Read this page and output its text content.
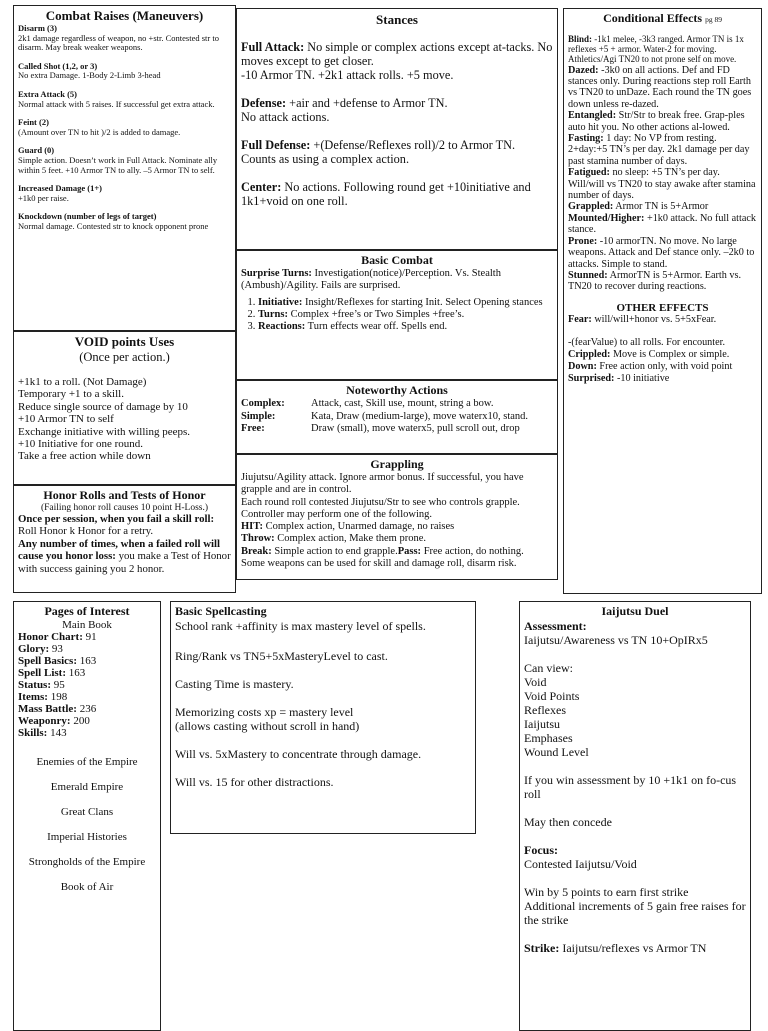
Combat Raises (Maneuvers)
Disarm (3)
2k1 damage regardless of weapon, no +str. Contested str to disarm. May break weaker weapons.
Called Shot (1,2, or 3)
No extra Damage. 1-Body 2-Limb 3-head
Extra Attack (5)
Normal attack with 5 raises. If successful get extra attack.
Feint (2)
(Amount over TN to hit )/2 is added to damage.
Guard (0)
Simple action. Doesn’t work in Full Attack. Nominate ally within 5 feet. +10 Armor TN to ally. –5 Armor TN to self.
Increased Damage (1+)
+1k0 per raise.
Knockdown (number of legs of target)
Normal damage. Contested str to knock opponent prone
VOID points Uses
(Once per action.)
+1k1 to a roll. (Not Damage)
Temporary +1 to a skill.
Reduce single source of damage by 10
+10 Armor TN to self
Exchange initiative with willing peeps.
+10 Initiative for one round.
Take a free action while down
Honor Rolls and Tests of Honor
(Failing honor roll causes 10 point H-Loss.)
Once per session, when you fail a skill roll: Roll Honor k Honor for a retry.
Any number of times, when a failed roll will cause you honor loss: you make a Test of Honor with success gaining you 2 honor.
Stances
Full Attack: No simple or complex actions except at-tacks. No moves except to get closer.
-10 Armor TN. +2k1 attack rolls. +5 move.
Defense: +air and +defense to Armor TN.
No attack actions.
Full Defense: +(Defense/Reflexes roll)/2 to Armor TN. Counts as using a complex action.
Center: No actions. Following round get +10initiative and 1k1+void on one roll.
Basic Combat
Surprise Turns: Investigation(notice)/Perception. Vs. Stealth (Ambush)/Agility. Fails are surprised.
1. Initiative: Insight/Reflexes for starting Init. Select Opening stances
2. Turns: Complex +free’s or Two Simples +free’s.
3. Reactions: Turn effects wear off. Spells end.
Noteworthy Actions
Complex:	Attack, cast, Skill use, mount, string a bow.
Simple:	Kata, Draw (medium-large), move waterx10, stand.
Free:	Draw (small), move waterx5, pull scroll out, drop
Grappling
Jiujutsu/Agility attack. Ignore armor bonus. If successful, you have grapple and are in control.
Each round roll contested Jiujutsu/Str to see who controls grapple. Controller may perform one of the following.
HIT: Complex action, Unarmed damage, no raises
Throw: Complex action, Make them prone.
Break: Simple action to end grapple.Pass: Free action, do nothing.
Some weapons can be used for skill and damage roll, disarm risk.
Conditional Effects pg 89
Blind: -1k1 melee, -3k3 ranged. Armor TN is 1x reflexes +5 + armor. Water-2 for moving. Athletics/Agi TN20 to not prone self on move.
Dazed: -3k0 on all actions. Def and FD stances only. During reactions step roll Earth vs TN20 to unDaze. Each round the TN goes down unless re-dazed.
Entangled: Str/Str to break free. Grap-ples auto hit you. No other actions al-lowed.
Fasting: 1 day: No VP from resting. 2+day:+5 TN’s per day. 2k1 damage per day past stamina number of days.
Fatigued: no sleep: +5 TN’s per day. Will/will vs TN20 to stay awake after stamina number of days.
Grappled: Armor TN is 5+Armor
Mounted/Higher: +1k0 attack. No full attack stance.
Prone: -10 armorTN. No move. No large weapons. Attack and Def stance only. –2k0 to attacks. Simple to stand.
Stunned: ArmorTN is 5+Armor. Earth vs. TN20 to recover during reactions.
OTHER EFFECTS
Fear: will/will+honor vs. 5+5xFear.
-(fearValue) to all rolls. For encounter.
Crippled: Move is Complex or simple.
Down: Free action only, with void point
Surprised: -10 initiative
Pages of Interest
Main Book
Honor Chart: 91
Glory: 93
Spell Basics: 163
Spell List: 163
Status: 95
Items: 198
Mass Battle: 236
Weaponry: 200
Skills: 143
Enemies of the Empire
Emerald Empire
Great Clans
Imperial Histories
Strongholds of the Empire
Book of Air
Basic Spellcasting
School rank +affinity is max mastery level of spells.
Ring/Rank vs TN5+5xMasteryLevel to cast.
Casting Time is mastery.
Memorizing costs xp = mastery level
(allows casting without scroll in hand)
Will vs. 5xMastery to concentrate through damage.
Will vs. 15 for other distractions.
Iaijutsu Duel
Assessment:
Iaijutsu/Awareness vs TN 10+OpIRx5
Can view:
Void
Void Points
Reflexes
Iaijutsu
Emphases
Wound Level
If you win assessment by 10 +1k1 on fo-cus roll
May then concede
Focus:
Contested Iaijutsu/Void
Win by 5 points to earn first strike
Additional increments of 5 gain free raises for the strike
Strike: Iaijutsu/reflexes vs Armor TN
